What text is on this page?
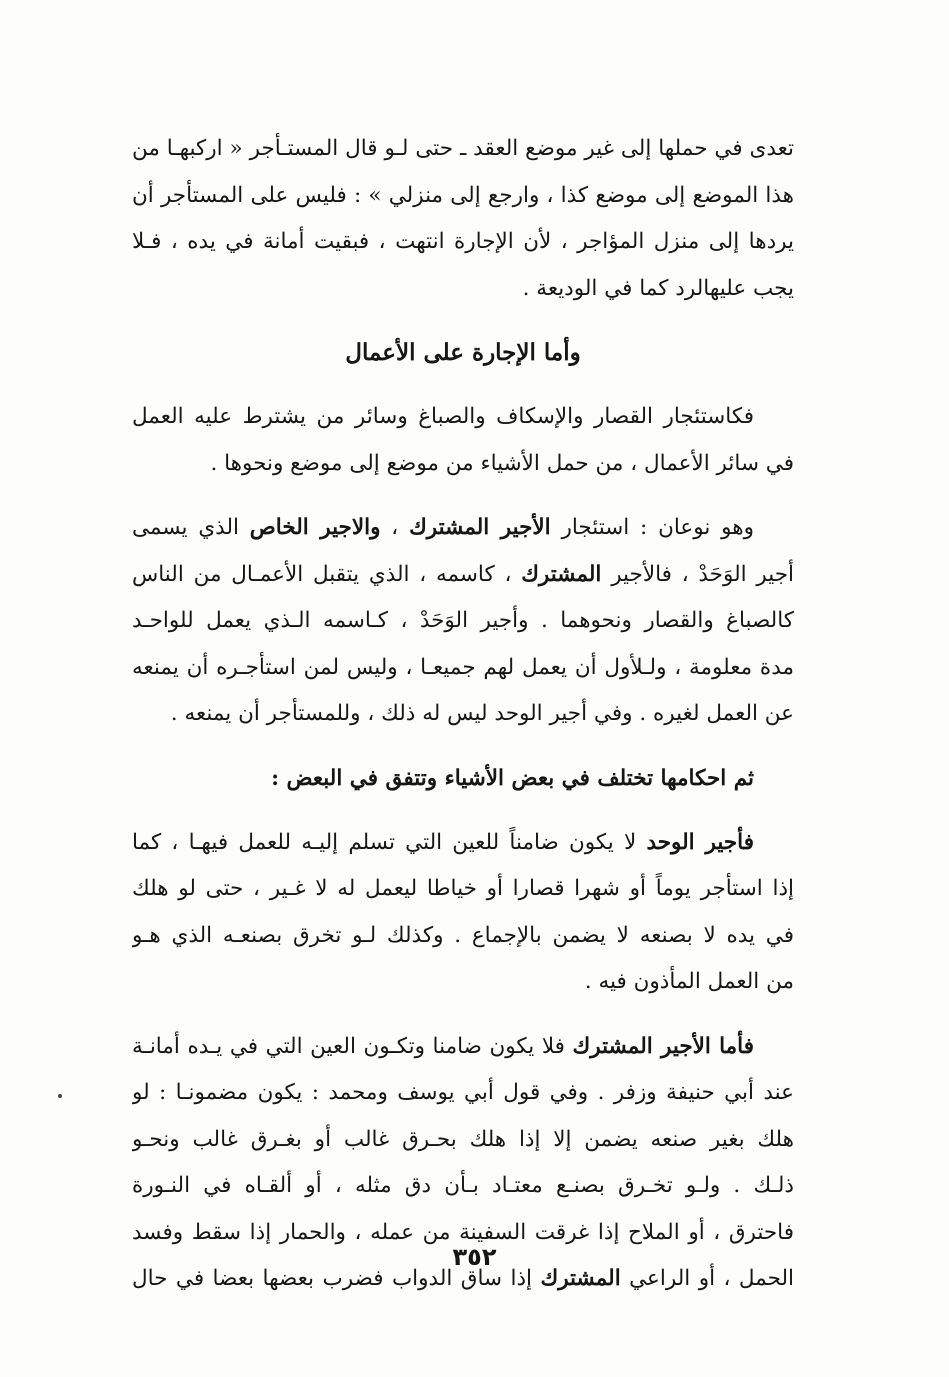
تعدى في حملها إلى غير موضع العقد ـ حتى لـو قال المستـأجر « اركبهـا من
هذا الموضع إلى موضع كذا ، وارجع إلى منزلي » : فليس على المستأجر أن
يردها إلى منزل المؤاجر ، لأن الإجارة انتهت ، فبقيت أمانة في يده ، فـلا
يجب عليهالرد كما في الوديعة .
وأما الإجارة على الأعمال
فكاستئجار القصار والإسكاف والصباغ وسائر من يشترط عليه العمل
في سائر الأعمال ، من حمل الأشياء من موضع إلى موضع ونحوها .
وهو نوعان : استئجار الأجير المشترك ، والاجير الخاص الذي يسمى
أجير الوَحَدْ ، فالأجير المشترك ، كاسمه ، الذي يتقبل الأعمـال من الناس
كالصباغ والقصار ونحوهما . وأجير الوَحَدْ ، كـاسمه الـذي يعمل للواحـد
مدة معلومة ، ولـلأول أن يعمل لهم جميعـا ، وليس لمن استأجـره أن يمنعه
عن العمل لغيره . وفي أجير الوحد ليس له ذلك ، وللمستأجر أن يمنعه .
ثم احكامها تختلف في بعض الأشياء وتتفق في البعض :
فأجير الوحد لا يكون ضامناً للعين التي تسلم إليـه للعمل فيهـا ، كما
إذا استأجر يوماً أو شهرا قصارا أو خياطا ليعمل له لا غـير ، حتى لو هلك
في يده لا بصنعه لا يضمن بالإجماع . وكذلك لـو تخرق بصنعـه الذي هـو
من العمل المأذون فيه .
فأما الأجير المشترك فلا يكون ضامنا وتكـون العين التي في يـده أمانـة
عند أبي حنيفة وزفر . وفي قول أبي يوسف ومحمد : يكون مضمونـا : لو
هلك بغير صنعه يضمن إلا إذا هلك بحـرق غالب أو بغـرق غالب ونحـو
ذلـك . ولـو تخـرق بصنـع معتـاد بـأن دق مثله ، أو ألقـاه في النـورة
فاحترق ، أو الملاح إذا غرقت السفينة من عمله ، والحمار إذا سقط وفسد
الحمل ، أو الراعي المشترك إذا ساق الدواب فضرب بعضها بعضا في حال
٣٥٢
